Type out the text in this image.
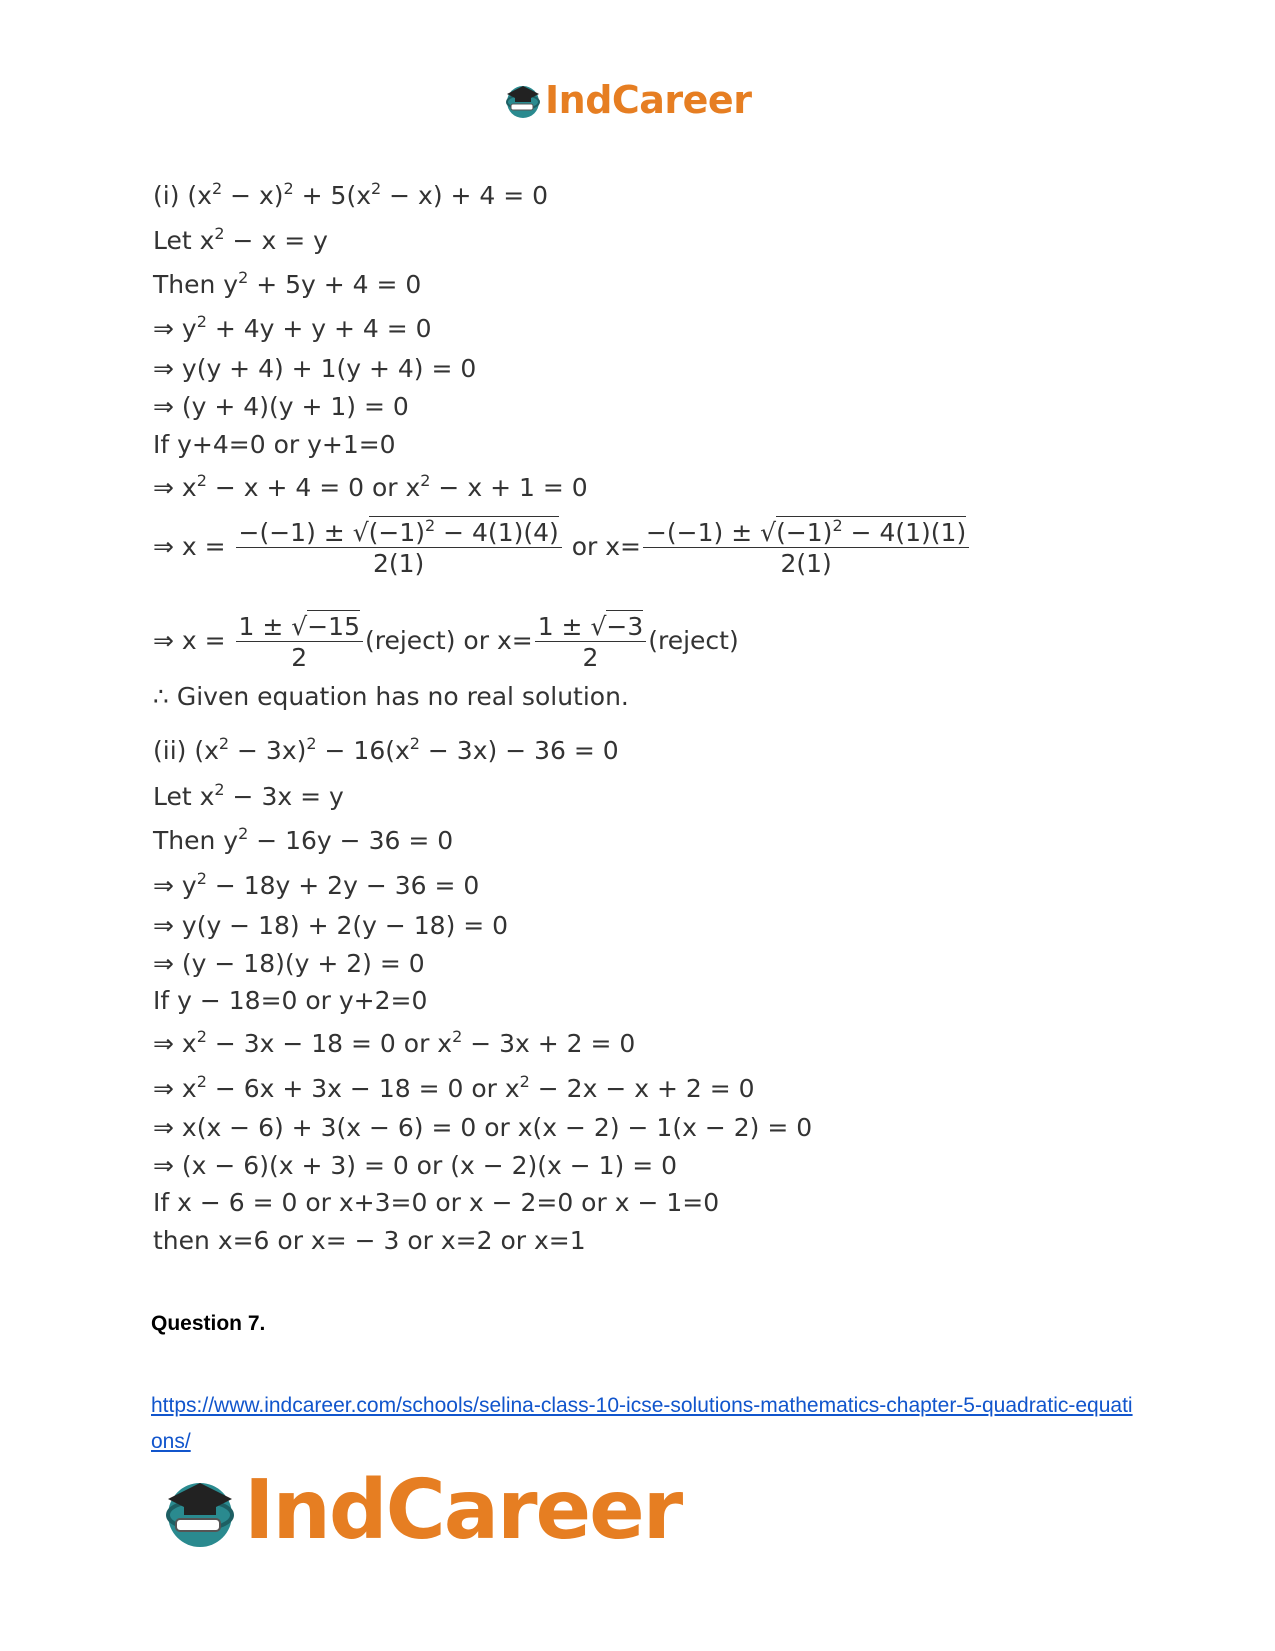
IndCareer
(i) $(x^2 - x)^2 + 5(x^2 - x) + 4 = 0$
Let $x^2 - x = y$
Then $y^2 + 5y + 4 = 0$
⇒ $y^2 + 4y + y + 4 = 0$
⇒ y(y + 4) + 1(y + 4) = 0
⇒ (y + 4)(y + 1) = 0
If y+4=0 or y+1=0
⇒ $x^2 - x + 4 = 0$ or $x^2 - x + 1 = 0$
⇒ $x = \frac{-(-1) \pm √(-1)^2 - 4(1)(4)}{2(1)}$ or $x= \frac{-(-1) \pm √(-1)^2 - 4(1)(1)}{2(1)}$
⇒ $x = \frac{1 \pm √-15}{2}$ (reject) or $x= \frac{1 \pm √-3}{2}$ (reject)
∴ Given equation has no real solution.
(ii) $(x^2 - 3x)^2 - 16(x^2 - 3x) - 36 = 0$
Let $x^2 - 3x = y$
Then $y^2 - 16y - 36 = 0$
⇒ $y^2 - 18y + 2y - 36 = 0$
⇒ y(y − 18) + 2(y − 18) = 0
⇒ (y − 18)(y + 2) = 0
If y − 18=0 or y+2=0
⇒ $x^2 - 3x - 18 = 0$ or $x^2 - 3x + 2 = 0$
⇒ $x^2 - 6x + 3x - 18 = 0$ or $x^2 - 2x - x + 2 = 0$
⇒ x(x − 6) + 3(x − 6) = 0 or x(x − 2) − 1(x − 2) = 0
⇒ (x − 6)(x + 3) = 0 or (x − 2)(x − 1) = 0
If x − 6 = 0 or x+3=0 or x − 2=0 or x − 1=0
then x=6 or x= − 3 or x=2 or x=1
Question 7.
https://www.indcareer.com/schools/selina-class-10-icse-solutions-mathematics-chapter-5-quadratic-equations/
IndCareer
